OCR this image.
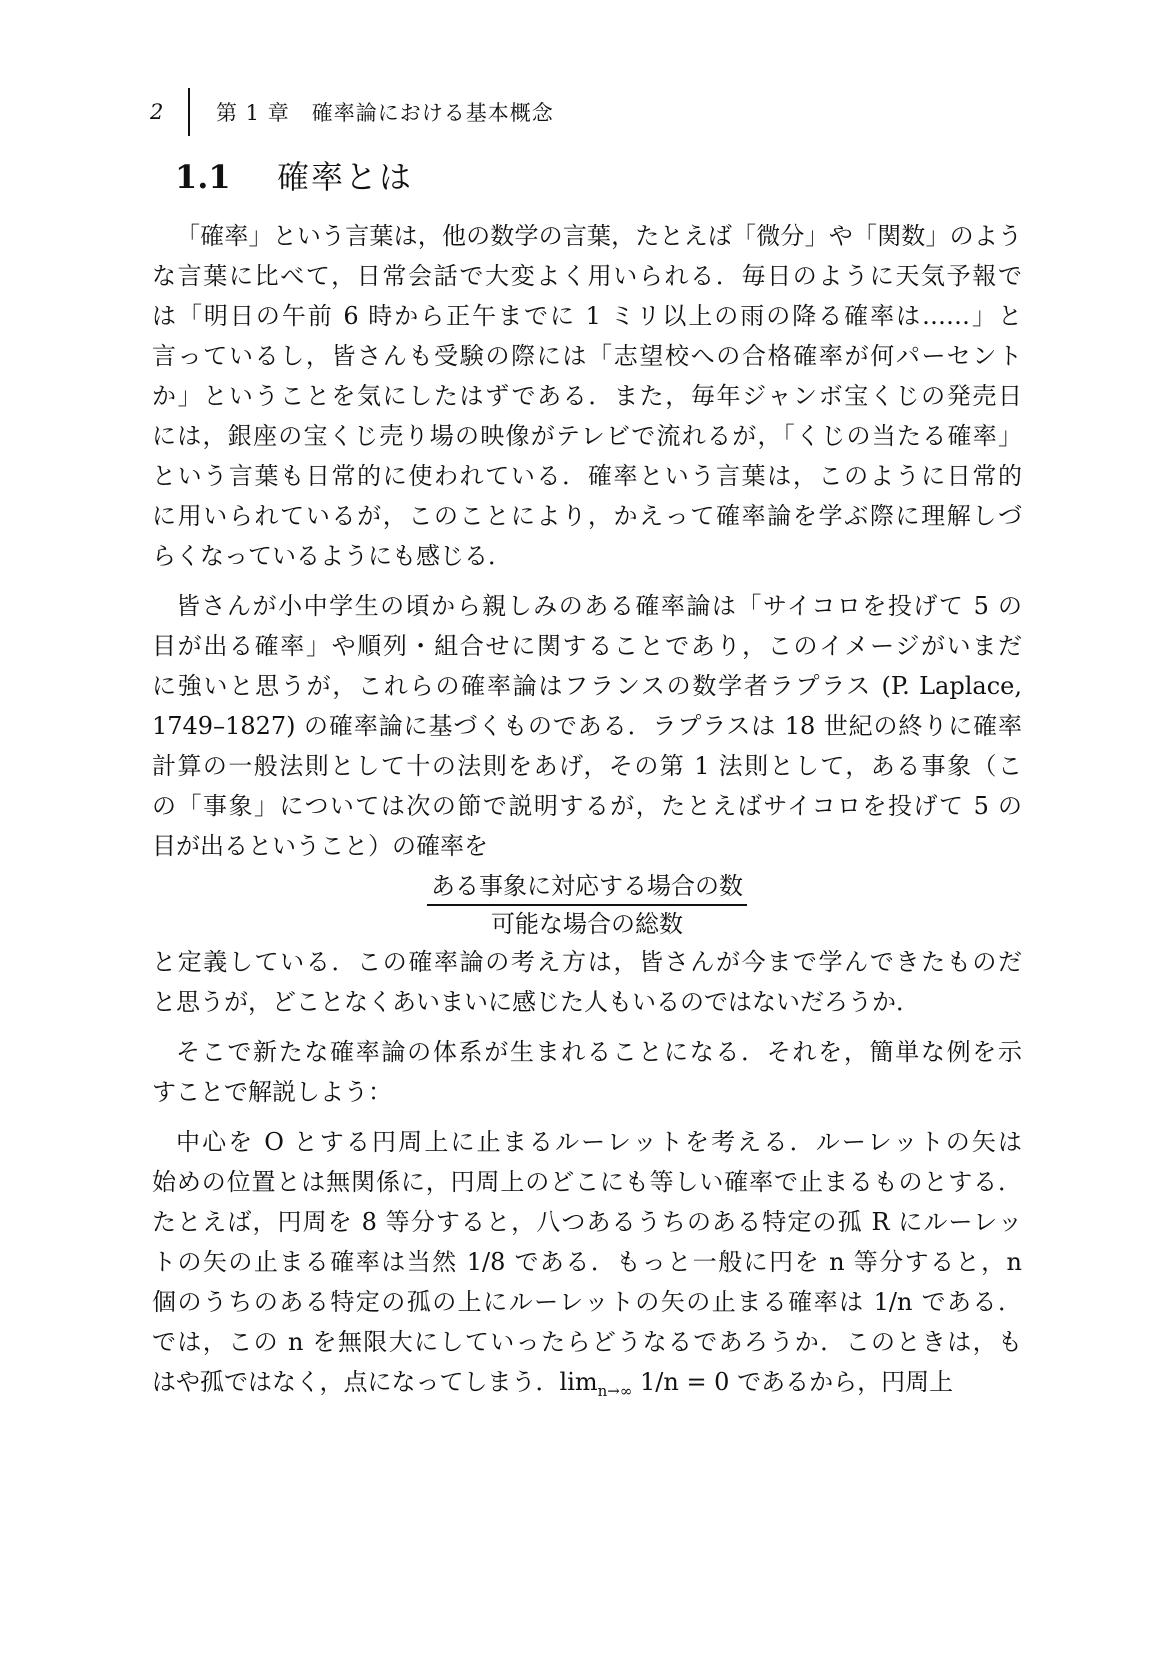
2	第 1 章　確率論における基本概念
1.1	確率とは
「確率」という言葉は，他の数学の言葉，たとえば「微分」や「関数」のよう
な言葉に比べて，日常会話で大変よく用いられる．毎日のように天気予報で
は「明日の午前 6 時から正午までに 1 ミリ以上の雨の降る確率は……」と
言っているし，皆さんも受験の際には「志望校への合格確率が何パーセント
か」ということを気にしたはずである．また，毎年ジャンボ宝くじの発売日
には，銀座の宝くじ売り場の映像がテレビで流れるが，「くじの当たる確率」
という言葉も日常的に使われている．確率という言葉は，このように日常的
に用いられているが，このことにより，かえって確率論を学ぶ際に理解しづ
らくなっているようにも感じる．
皆さんが小中学生の頃から親しみのある確率論は「サイコロを投げて 5 の
目が出る確率」や順列・組合せに関することであり，このイメージがいまだ
に強いと思うが，これらの確率論はフランスの数学者ラプラス (P. Laplace,
1749–1827) の確率論に基づくものである．ラプラスは 18 世紀の終りに確率
計算の一般法則として十の法則をあげ，その第 1 法則として，ある事象（こ
の「事象」については次の節で説明するが，たとえばサイコロを投げて 5 の
目が出るということ）の確率を
$\frac{\text{ある事象に対応する場合の数}}{\text{可能な場合の総数}}$
と定義している．この確率論の考え方は，皆さんが今まで学んできたものだ
と思うが，どことなくあいまいに感じた人もいるのではないだろうか．
そこで新たな確率論の体系が生まれることになる．それを，簡単な例を示
すことで解説しよう：
中心を O とする円周上に止まるルーレットを考える．ルーレットの矢は
始めの位置とは無関係に，円周上のどこにも等しい確率で止まるものとする．
たとえば，円周を 8 等分すると，八つあるうちのある特定の孤 R にルーレッ
トの矢の止まる確率は当然 1/8 である．もっと一般に円を n 等分すると，n
個のうちのある特定の孤の上にルーレットの矢の止まる確率は 1/n である．
では，この n を無限大にしていったらどうなるであろうか．このときは，も
はや孤ではなく，点になってしまう．$\lim_{n\to\infty} 1/n = 0$ であるから，円周上
